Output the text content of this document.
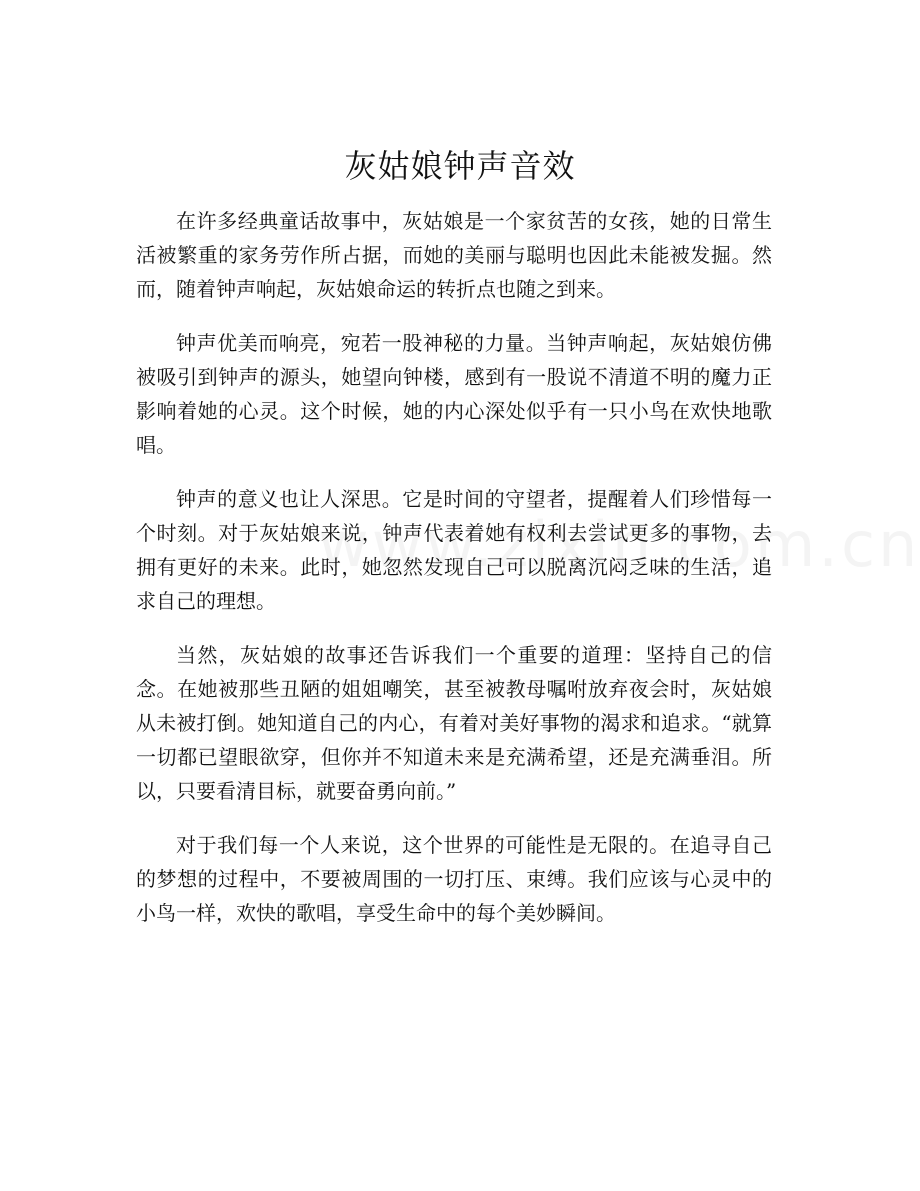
灰姑娘钟声音效

在许多经典童话故事中，灰姑娘是一个家贫苦的女孩，她的日常生活被繁重的家务劳作所占据，而她的美丽与聪明也因此未能被发掘。然而，随着钟声响起，灰姑娘命运的转折点也随之到来。

钟声优美而响亮，宛若一股神秘的力量。当钟声响起，灰姑娘仿佛被吸引到钟声的源头，她望向钟楼，感到有一股说不清道不明的魔力正影响着她的心灵。这个时候，她的内心深处似乎有一只小鸟在欢快地歌唱。

钟声的意义也让人深思。它是时间的守望者，提醒着人们珍惜每一个时刻。对于灰姑娘来说，钟声代表着她有权利去尝试更多的事物，去拥有更好的未来。此时，她忽然发现自己可以脱离沉闷乏味的生活，追求自己的理想。

当然，灰姑娘的故事还告诉我们一个重要的道理：坚持自己的信念。在她被那些丑陋的姐姐嘲笑，甚至被教母嘱咐放弃夜会时，灰姑娘从未被打倒。她知道自己的内心，有着对美好事物的渴求和追求。“就算一切都已望眼欲穿，但你并不知道未来是充满希望，还是充满垂泪。所以，只要看清目标，就要奋勇向前。”

对于我们每一个人来说，这个世界的可能性是无限的。在追寻自己的梦想的过程中，不要被周围的一切打压、束缚。我们应该与心灵中的小鸟一样，欢快的歌唱，享受生命中的每个美妙瞬间。
